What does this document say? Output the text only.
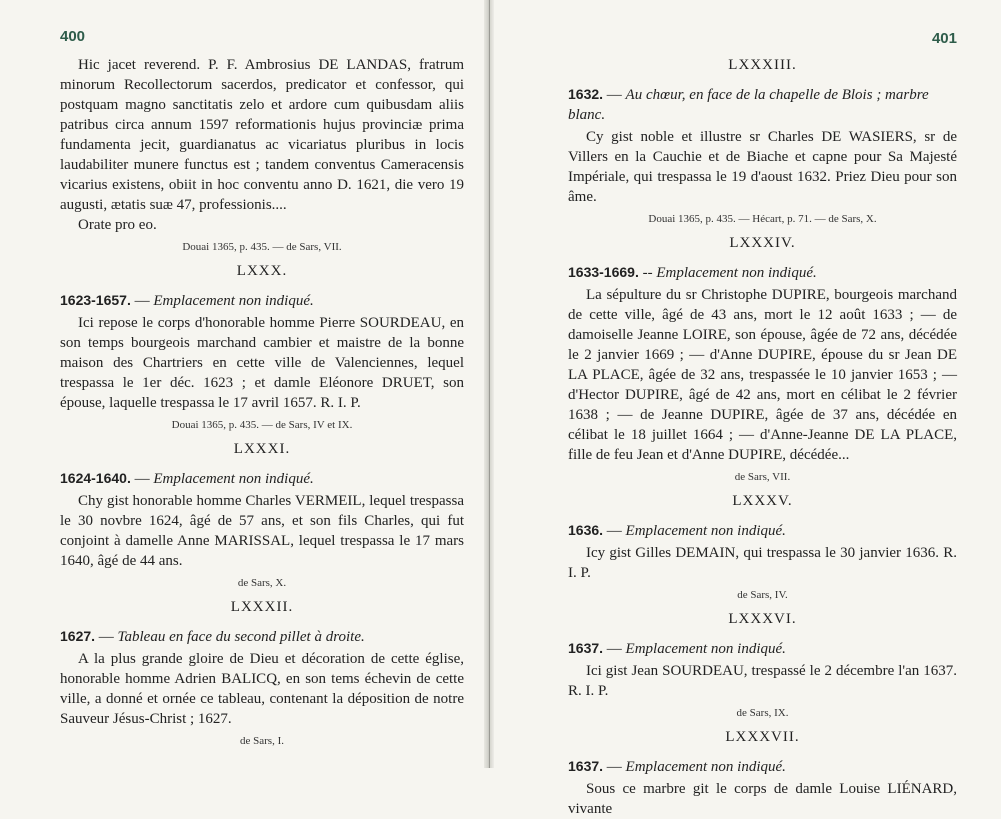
400

Hic jacet reverend. P. F. Ambrosius DE LANDAS, fratrum minorum Recollectorum sacerdos, predicator et confessor, qui postquam magno sanctitatis zelo et ardore cum quibusdam aliis patribus circa annum 1597 reformationis hujus provinciæ prima fundamenta jecit, guardianatus ac vicariatus pluribus in locis laudabiliter munere functus est ; tandem conventus Cameracensis vicarius existens, obiit in hoc conventu anno D. 1621, die vero 19 augusti, ætatis suæ 47, professionis....

Orate pro eo.

Douai 1365, p. 435. — de Sars, VII.
LXXX.
1623-1657. — Emplacement non indiqué.

Ici repose le corps d'honorable homme Pierre SOURDEAU, en son temps bourgeois marchand cambier et maistre de la bonne maison des Chartriers en cette ville de Valenciennes, lequel trespassa le 1er déc. 1623 ; et damle Eléonore DRUET, son épouse, laquelle trespassa le 17 avril 1657. R. I. P.

Douai 1365, p. 435. — de Sars, IV et IX.
LXXXI.
1624-1640. — Emplacement non indiqué.

Chy gist honorable homme Charles VERMEIL, lequel trespassa le 30 novbre 1624, âgé de 57 ans, et son fils Charles, qui fut conjoint à damelle Anne MARISSAL, lequel trespassa le 17 mars 1640, âgé de 44 ans.

de Sars, X.
LXXXII.
1627. — Tableau en face du second pillet à droite.

A la plus grande gloire de Dieu et décoration de cette église, honorable homme Adrien BALICQ, en son tems échevin de cette ville, a donné et ornée ce tableau, contenant la déposition de notre Sauveur Jésus-Christ ; 1627.

de Sars, I.
401
LXXXIII.
1632. — Au chœur, en face de la chapelle de Blois ; marbre blanc.

Cy gist noble et illustre sr Charles DE WASIERS, sr de Villers en la Cauchie et de Biache et capne pour Sa Majesté Impériale, qui trespassa le 19 d'aoust 1632. Priez Dieu pour son âme.

Douai 1365, p. 435. — Hécart, p. 71. — de Sars, X.
LXXXIV.
1633-1669. -- Emplacement non indiqué.

La sépulture du sr Christophe DUPIRE, bourgeois marchand de cette ville, âgé de 43 ans, mort le 12 août 1633 ; — de damoiselle Jeanne LOIRE, son épouse, âgée de 72 ans, décédée le 2 janvier 1669 ; — d'Anne DUPIRE, épouse du sr Jean DE LA PLACE, âgée de 32 ans, trespassée le 10 janvier 1653 ; — d'Hector DUPIRE, âgé de 42 ans, mort en célibat le 2 février 1638 ; — de Jeanne DUPIRE, âgée de 37 ans, décédée en célibat le 18 juillet 1664 ; — d'Anne-Jeanne DE LA PLACE, fille de feu Jean et d'Anne DUPIRE, décédée...

de Sars, VII.
LXXXV.
1636. — Emplacement non indiqué.

Icy gist Gilles DEMAIN, qui trespassa le 30 janvier 1636. R. I. P.

de Sars, IV.
LXXXVI.
1637. — Emplacement non indiqué.

Ici gist Jean SOURDEAU, trespassé le 2 décembre l'an 1637. R. I. P.

de Sars, IX.
LXXXVII.
1637. — Emplacement non indiqué.

Sous ce marbre git le corps de damle Louise LIÉNARD, vivante
